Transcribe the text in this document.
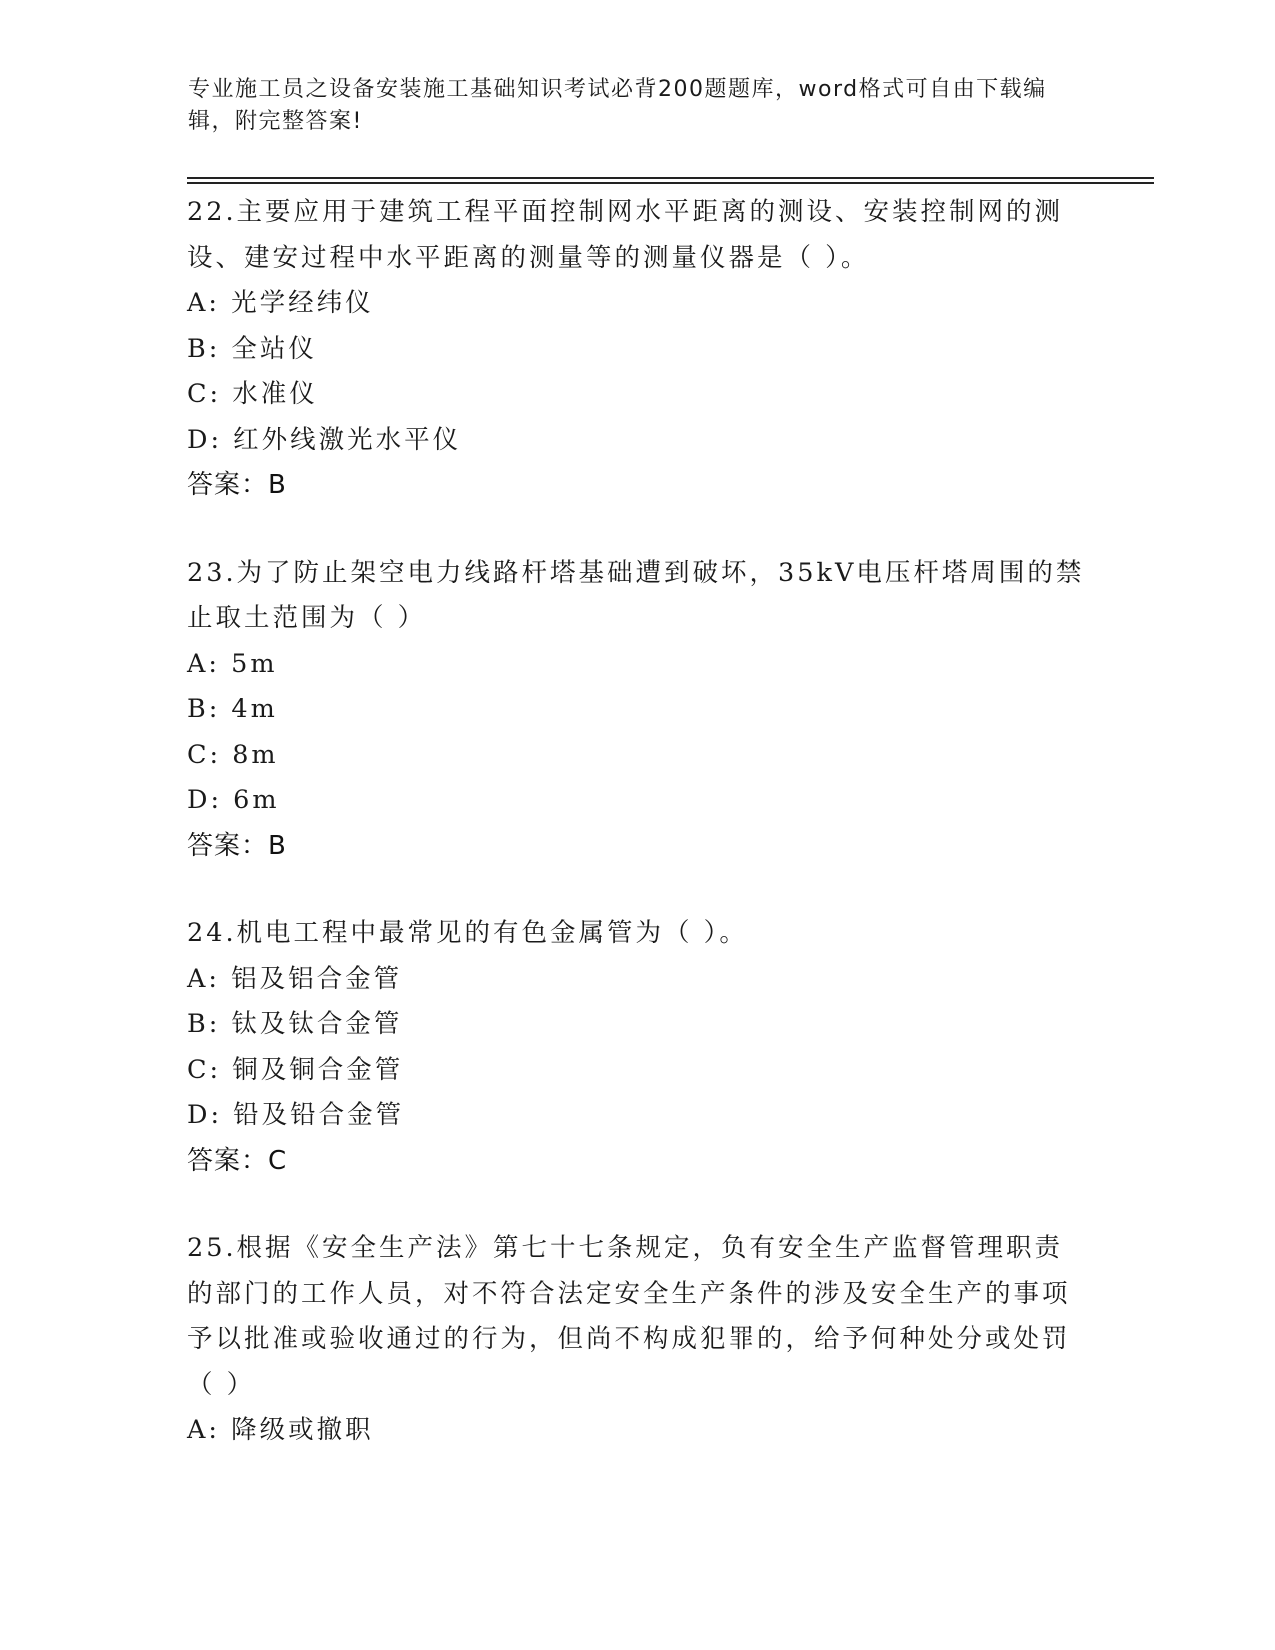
专业施工员之设备安装施工基础知识考试必背200题题库，word格式可自由下载编辑，附完整答案!
22.主要应用于建筑工程平面控制网水平距离的测设、安装控制网的测设、建安过程中水平距离的测量等的测量仪器是（ ）。
A: 光学经纬仪
B: 全站仪
C: 水准仪
D: 红外线激光水平仪
答案：B
23.为了防止架空电力线路杆塔基础遭到破坏，35kV电压杆塔周围的禁止取土范围为（ ）
A: 5m
B: 4m
C: 8m
D: 6m
答案：B
24.机电工程中最常见的有色金属管为（ ）。
A: 铝及铝合金管
B: 钛及钛合金管
C: 铜及铜合金管
D: 铅及铅合金管
答案：C
25.根据《安全生产法》第七十七条规定，负有安全生产监督管理职责的部门的工作人员，对不符合法定安全生产条件的涉及安全生产的事项予以批准或验收通过的行为，但尚不构成犯罪的，给予何种处分或处罚（ ）
A: 降级或撤职
